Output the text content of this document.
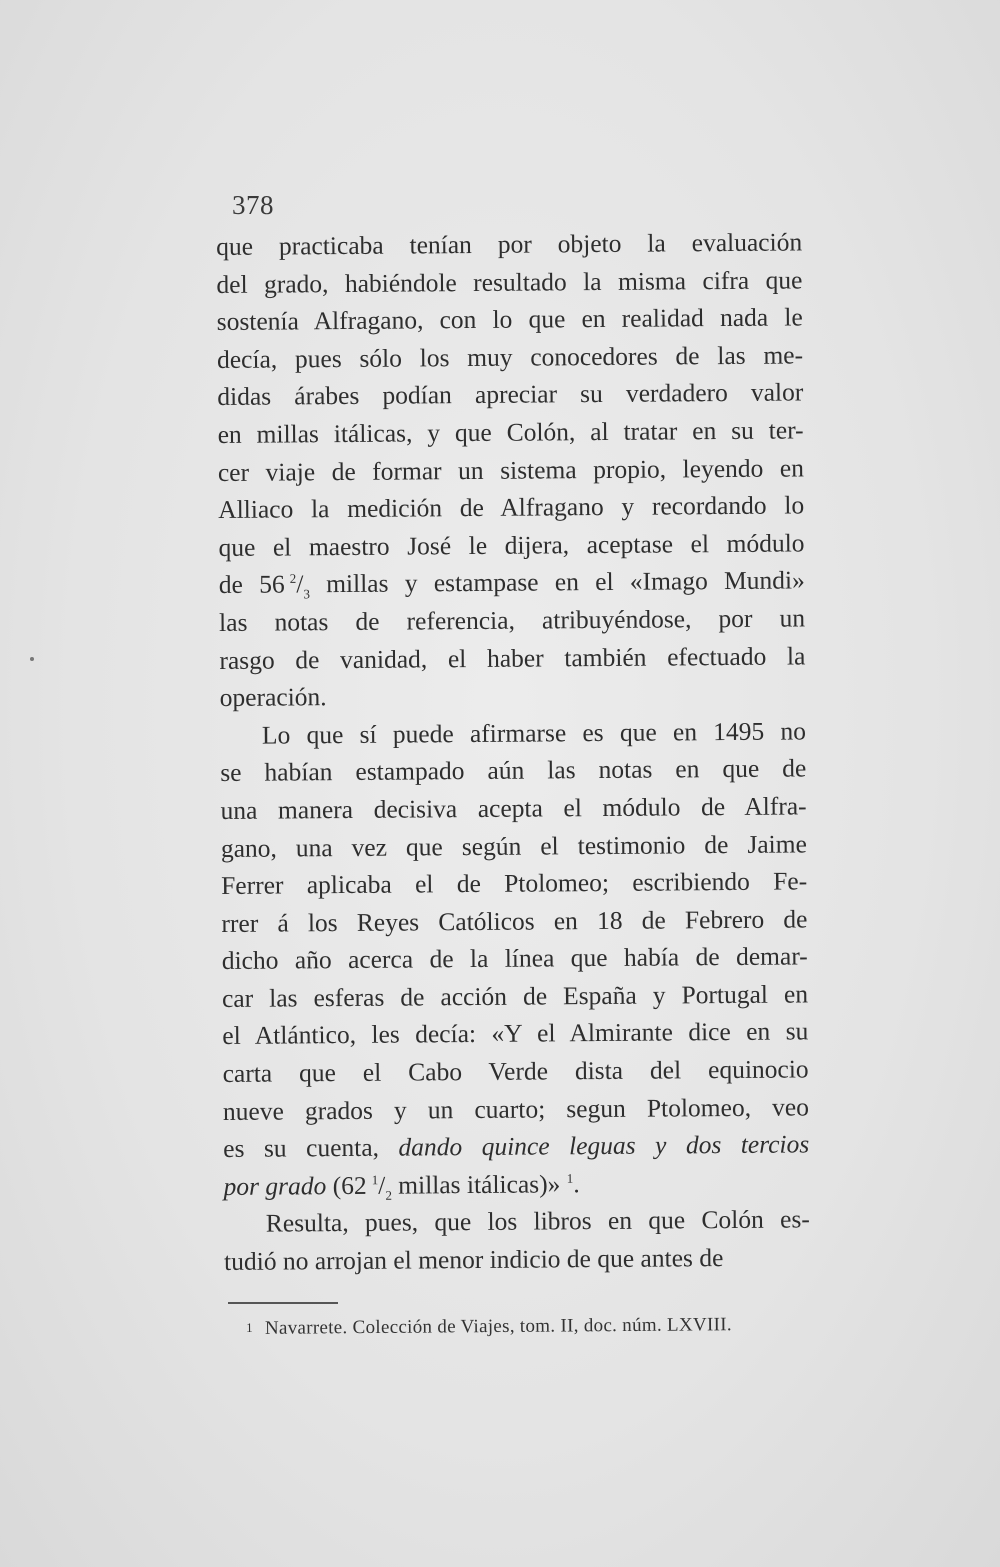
378
que practicaba tenían por objeto la evaluación
del grado, habiéndole resultado la misma cifra que
sostenía Alfragano, con lo que en realidad nada le
decía, pues sólo los muy conocedores de las me-
didas árabes podían apreciar su verdadero valor
en millas itálicas, y que Colón, al tratar en su ter-
cer viaje de formar un sistema propio, leyendo en
Alliaco la medición de Alfragano y recordando lo
que el maestro José le dijera, aceptase el módulo
de 56  $^2/_3$ millas y estampase en el «Imago Mundi»
las notas de referencia, atribuyéndose, por un
rasgo de vanidad, el haber también efectuado la
operación.
Lo que sí puede afirmarse es que en 1495 no
se habían estampado aún las notas en que de
una manera decisiva acepta el módulo de Alfra-
gano, una vez que según el testimonio de Jaime
Ferrer aplicaba el de Ptolomeo; escribiendo Fe-
rrer á los Reyes Católicos en 18 de Febrero de
dicho año acerca de la línea que había de demar-
car las esferas de acción de España y Portugal en
el Atlántico, les decía: «Y el Almirante dice en su
carta que el Cabo Verde dista del equinocio
nueve grados y un cuarto; segun Ptolomeo, veo
es su cuenta, dando quince leguas y dos tercios
por grado (62  $^1/_2$ millas itálicas)» $^1$.
Resulta, pues, que los libros en que Colón es-
tudió no arrojan el menor indicio de que antes de
1 Navarrete. Colección de Viajes, tom. II, doc. núm. LXVIII.
